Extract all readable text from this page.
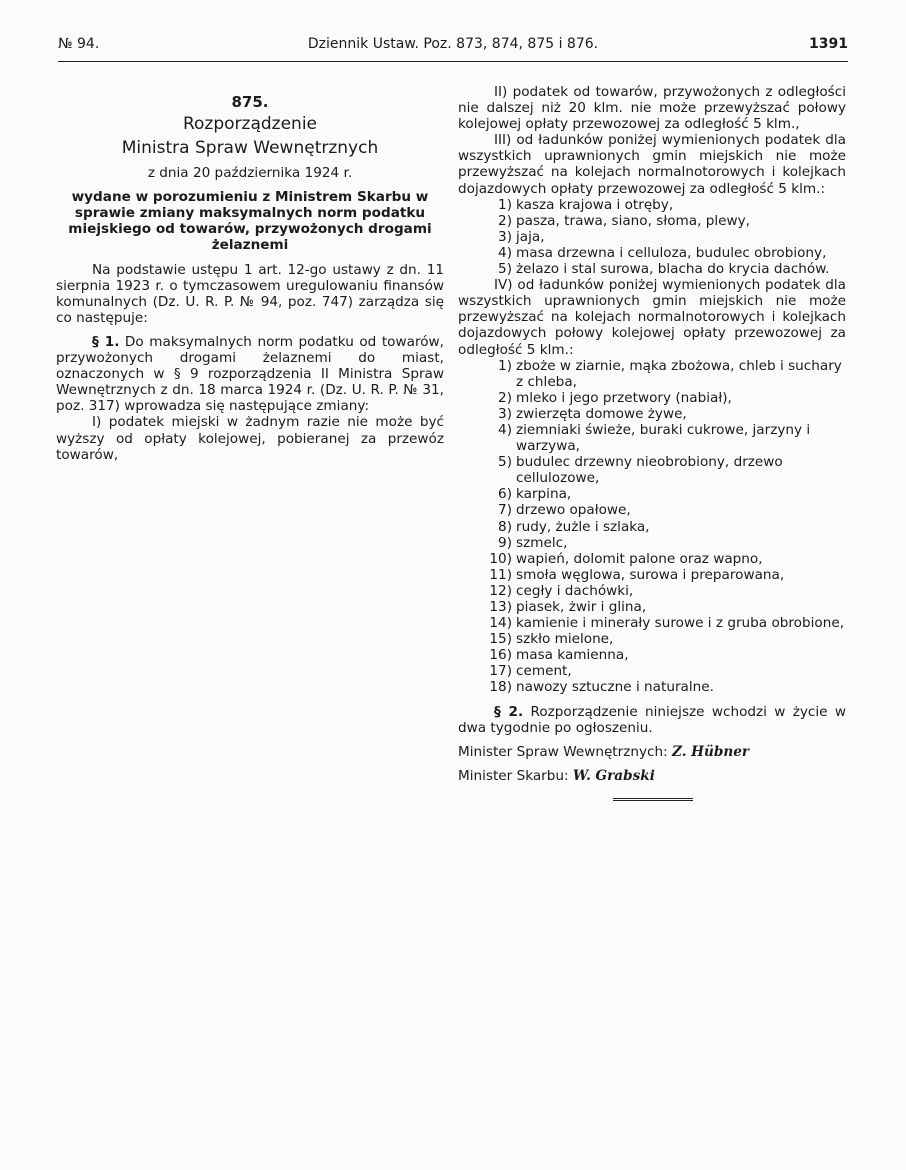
№ 94.	Dziennik Ustaw. Poz. 873, 874, 875 i 876.	1391

875.

Rozporządzenie

Ministra Spraw Wewnętrznych

z dnia 20 października 1924 r.

wydane w porozumieniu z Ministrem Skarbu w sprawie zmiany maksymalnych norm podatku miejskiego od towarów, przywożonych drogami żelaznemi

Na podstawie ustępu 1 art. 12-go ustawy z dn. 11 sierpnia 1923 r. o tymczasowem uregulowaniu finansów komunalnych (Dz. U. R. P. № 94, poz. 747) zarządza się co następuje:

§ 1. Do maksymalnych norm podatku od towarów, przywożonych drogami żelaznemi do miast, oznaczonych w § 9 rozporządzenia II Ministra Spraw Wewnętrznych z dn. 18 marca 1924 r. (Dz. U. R. P. № 31, poz. 317) wprowadza się następujące zmiany:

I) podatek miejski w żadnym razie nie może być wyższy od opłaty kolejowej, pobieranej za przewóz towarów,

II) podatek od towarów, przywożonych z odległości nie dalszej niż 20 klm. nie może przewyższać połowy kolejowej opłaty przewozowej za odległość 5 klm.,

III) od ładunków poniżej wymienionych podatek dla wszystkich uprawnionych gmin miejskich nie może przewyższać na kolejach normalnotorowych i kolejkach dojazdowych opłaty przewozowej za odległość 5 klm.:

1) kasza krajowa i otręby,
2) pasza, trawa, siano, słoma, plewy,
3) jaja,
4) masa drzewna i celluloza, budulec obrobiony,
5) żelazo i stal surowa, blacha do krycia dachów.

IV) od ładunków poniżej wymienionych podatek dla wszystkich uprawnionych gmin miejskich nie może przewyższać na kolejach normalnotorowych i kolejkach dojazdowych połowy kolejowej opłaty przewozowej za odległość 5 klm.:

1) zboże w ziarnie, mąka zbożowa, chleb i suchary z chleba,
2) mleko i jego przetwory (nabiał),
3) zwierzęta domowe żywe,
4) ziemniaki świeże, buraki cukrowe, jarzyny i warzywa,
5) budulec drzewny nieobrobiony, drzewo cellulozowe,
6) karpina,
7) drzewo opałowe,
8) rudy, żużle i szlaka,
9) szmelc,
10) wapień, dolomit palone oraz wapno,
11) smoła węglowa, surowa i preparowana,
12) cegły i dachówki,
13) piasek, żwir i glina,
14) kamienie i minerały surowe i z gruba obrobione,
15) szkło mielone,
16) masa kamienna,
17) cement,
18) nawozy sztuczne i naturalne.

§ 2. Rozporządzenie niniejsze wchodzi w życie w dwa tygodnie po ogłoszeniu.

Minister Spraw Wewnętrznych: Z. Hübner

Minister Skarbu: W. Grabski
